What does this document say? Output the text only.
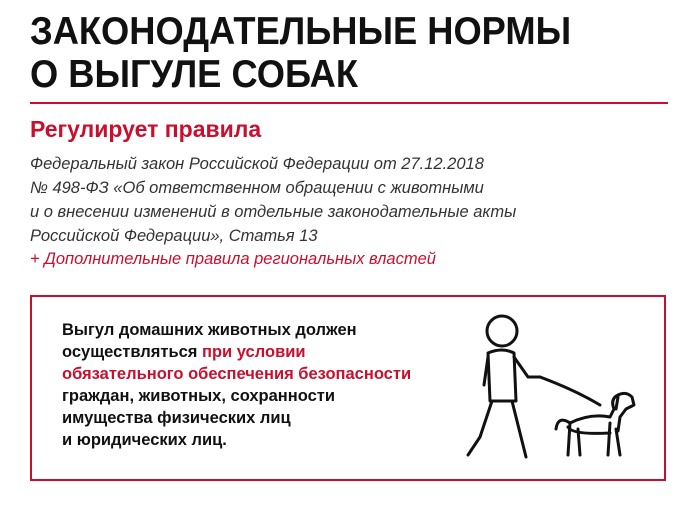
ЗАКОНОДАТЕЛЬНЫЕ НОРМЫ
О ВЫГУЛЕ СОБАК
Регулирует правила
Федеральный закон Российской Федерации от 27.12.2018
№ 498-ФЗ «Об ответственном обращении с животными
и о внесении изменений в отдельные законодательные акты
Российской Федерации», Статья 13
+ Дополнительные правила региональных властей
Выгул домашних животных должен
осуществляться при условии
обязательного обеспечения безопасности
граждан, животных, сохранности
имущества физических лиц
и юридических лиц.
